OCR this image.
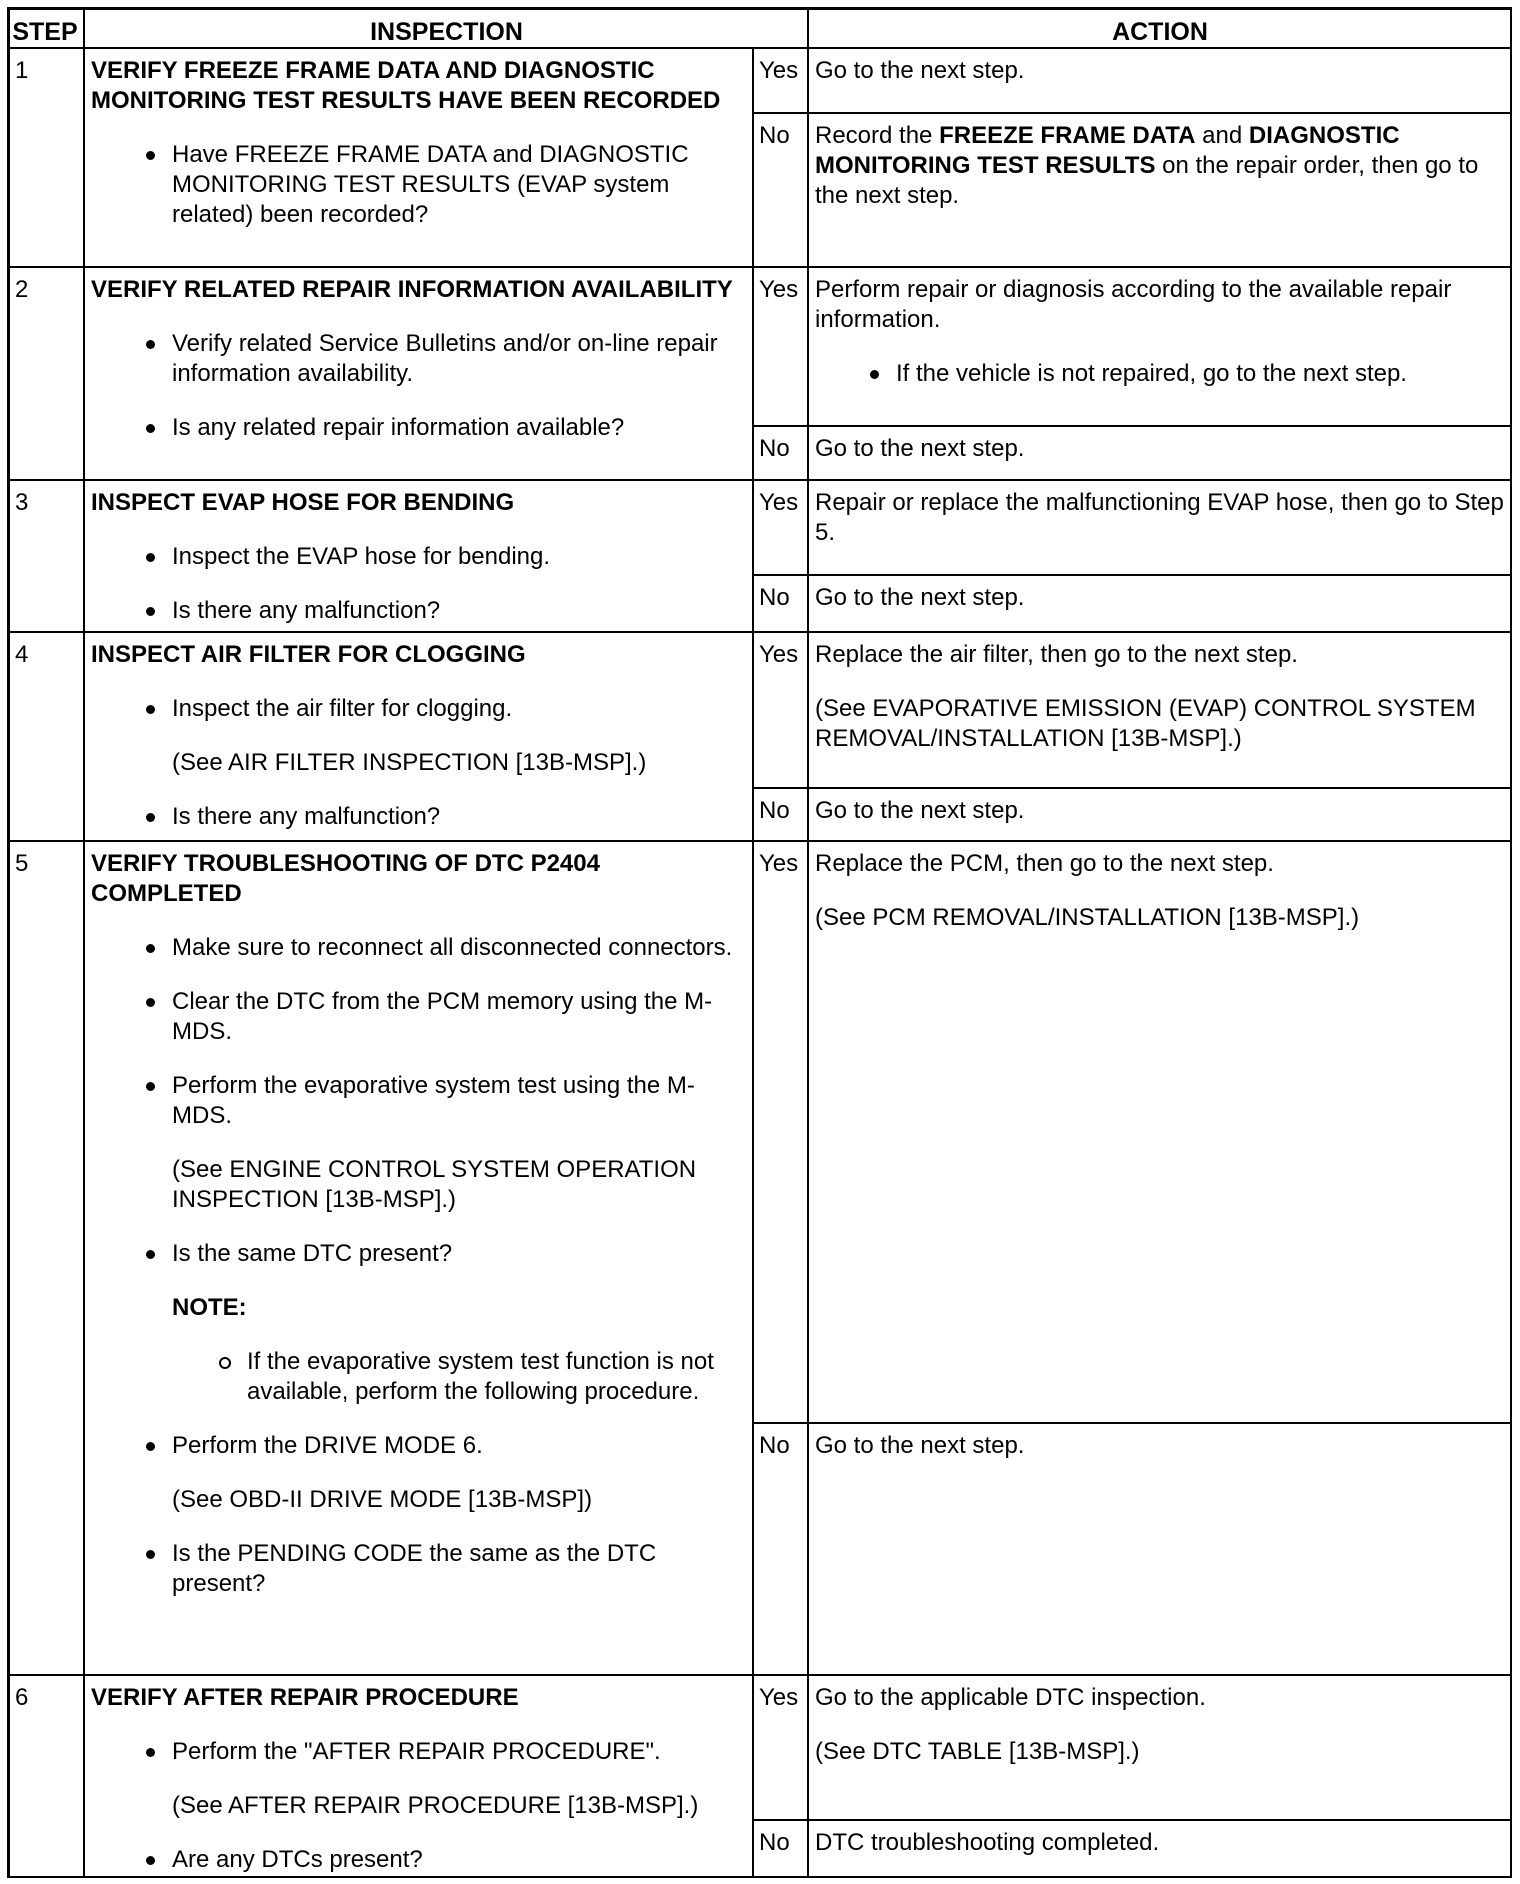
STEP	INSPECTION	ACTION
1	VERIFY FREEZE FRAME DATA AND DIAGNOSTIC MONITORING TEST RESULTS HAVE BEEN RECORDED
Have FREEZE FRAME DATA and DIAGNOSTIC MONITORING TEST RESULTS (EVAP system related) been recorded?
Yes Go to the next step.
No	Record the FREEZE FRAME DATA and DIAGNOSTIC MONITORING TEST RESULTS on the repair order, then go to the next step.
2	VERIFY RELATED REPAIR INFORMATION AVAILABILITY
Verify related Service Bulletins and/or on-line repair information availability.
Is any related repair information available?
Yes Perform repair or diagnosis according to the available repair information.
If the vehicle is not repaired, go to the next step.
No	Go to the next step.
3	INSPECT EVAP HOSE FOR BENDING
Inspect the EVAP hose for bending.
Is there any malfunction?
Yes Repair or replace the malfunctioning EVAP hose, then go to Step 5.
No	Go to the next step.
4	INSPECT AIR FILTER FOR CLOGGING
Inspect the air filter for clogging.
(See AIR FILTER INSPECTION [13B-MSP].)
Is there any malfunction?
Yes Replace the air filter, then go to the next step.
(See EVAPORATIVE EMISSION (EVAP) CONTROL SYSTEM REMOVAL/INSTALLATION [13B-MSP].)
No	Go to the next step.
5	VERIFY TROUBLESHOOTING OF DTC P2404 COMPLETED
Make sure to reconnect all disconnected connectors.
Clear the DTC from the PCM memory using the M-MDS.
Perform the evaporative system test using the M-MDS.
(See ENGINE CONTROL SYSTEM OPERATION INSPECTION [13B-MSP].)
Is the same DTC present?
NOTE:
If the evaporative system test function is not available, perform the following procedure.
Perform the DRIVE MODE 6.
(See OBD-II DRIVE MODE [13B-MSP])
Is the PENDING CODE the same as the DTC present?
Yes Replace the PCM, then go to the next step.
(See PCM REMOVAL/INSTALLATION [13B-MSP].)
No	Go to the next step.
6	VERIFY AFTER REPAIR PROCEDURE
Perform the "AFTER REPAIR PROCEDURE".
(See AFTER REPAIR PROCEDURE [13B-MSP].)
Are any DTCs present?
Yes Go to the applicable DTC inspection.
(See DTC TABLE [13B-MSP].)
No	DTC troubleshooting completed.
